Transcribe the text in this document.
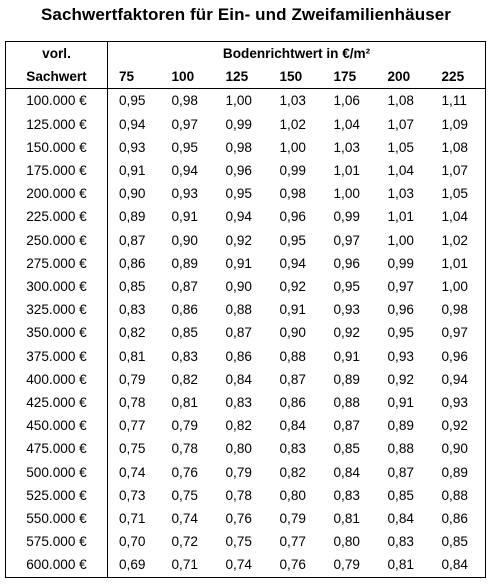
Sachwertfaktoren für Ein- und Zweifamilienhäuser
vorl.	Bodenrichtwert in €/m²						
Sachwert	75	100	125	150	175	200	225
100.000 €	0,95	0,98	1,00	1,03	1,06	1,08	1,11
125.000 €	0,94	0,97	0,99	1,02	1,04	1,07	1,09
150.000 €	0,93	0,95	0,98	1,00	1,03	1,05	1,08
175.000 €	0,91	0,94	0,96	0,99	1,01	1,04	1,07
200.000 €	0,90	0,93	0,95	0,98	1,00	1,03	1,05
225.000 €	0,89	0,91	0,94	0,96	0,99	1,01	1,04
250.000 €	0,87	0,90	0,92	0,95	0,97	1,00	1,02
275.000 €	0,86	0,89	0,91	0,94	0,96	0,99	1,01
300.000 €	0,85	0,87	0,90	0,92	0,95	0,97	1,00
325.000 €	0,83	0,86	0,88	0,91	0,93	0,96	0,98
350.000 €	0,82	0,85	0,87	0,90	0,92	0,95	0,97
375.000 €	0,81	0,83	0,86	0,88	0,91	0,93	0,96
400.000 €	0,79	0,82	0,84	0,87	0,89	0,92	0,94
425.000 €	0,78	0,81	0,83	0,86	0,88	0,91	0,93
450.000 €	0,77	0,79	0,82	0,84	0,87	0,89	0,92
475.000 €	0,75	0,78	0,80	0,83	0,85	0,88	0,90
500.000 €	0,74	0,76	0,79	0,82	0,84	0,87	0,89
525.000 €	0,73	0,75	0,78	0,80	0,83	0,85	0,88
550.000 €	0,71	0,74	0,76	0,79	0,81	0,84	0,86
575.000 €	0,70	0,72	0,75	0,77	0,80	0,83	0,85
600.000 €	0,69	0,71	0,74	0,76	0,79	0,81	0,84
